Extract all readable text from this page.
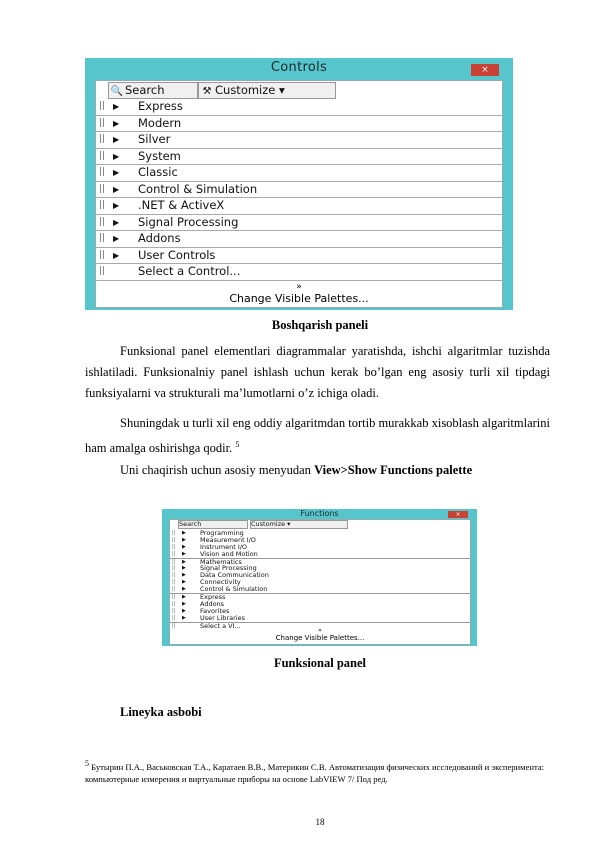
Controls	×
🔍 Search	⚒ Customize ▾
|| ▶ Express
|| ▶ Modern
|| ▶ Silver
|| ▶ System
|| ▶ Classic
|| ▶ Control & Simulation
|| ▶ .NET & ActiveX
|| ▶ Signal Processing
|| ▶ Addons
|| ▶ User Controls
||	Select a Control...
»
Change Visible Palettes...
Boshqarish paneli
Funksional panel elementlari diagrammalar yaratishda, ishchi algaritmlar tuzishda ishlatiladi. Funksionalniy panel ishlash uchun kerak bo’lgan eng asosiy turli xil tipdagi funksiyalarni va strukturali ma’lumotlarni o’z ichiga oladi.
Shuningdak u turli xil eng oddiy algaritmdan tortib murakkab xisoblash algaritmlarini ham amalga oshirishga qodir. $^5$
Uni chaqirish uchun asosiy menyudan View>Show Functions palette
Functions	×
Search	Customize ▾
|| ▶ Programming
|| ▶ Measurement I/O
|| ▶ Instrument I/O
|| ▶ Vision and Motion
|| ▶ Mathematics
|| ▶ Signal Processing
|| ▶ Data Communication
|| ▶ Connectivity
|| ▶ Control & Simulation
|| ▶ Express
|| ▶ Addons
|| ▶ Favorites
|| ▶ User Libraries
||	Select a VI...
»
Change Visible Palettes...
Funksional panel
Lineyka asbobi
$^5$ Бутырин П.А., Васьковская Т.А., Каратаев В.В., Материкин С.В. Автоматизация физических исследований и эксперимента: компьютерные измерения и виртуальные приборы на основе LabVIEW 7/ Под ред.
18
